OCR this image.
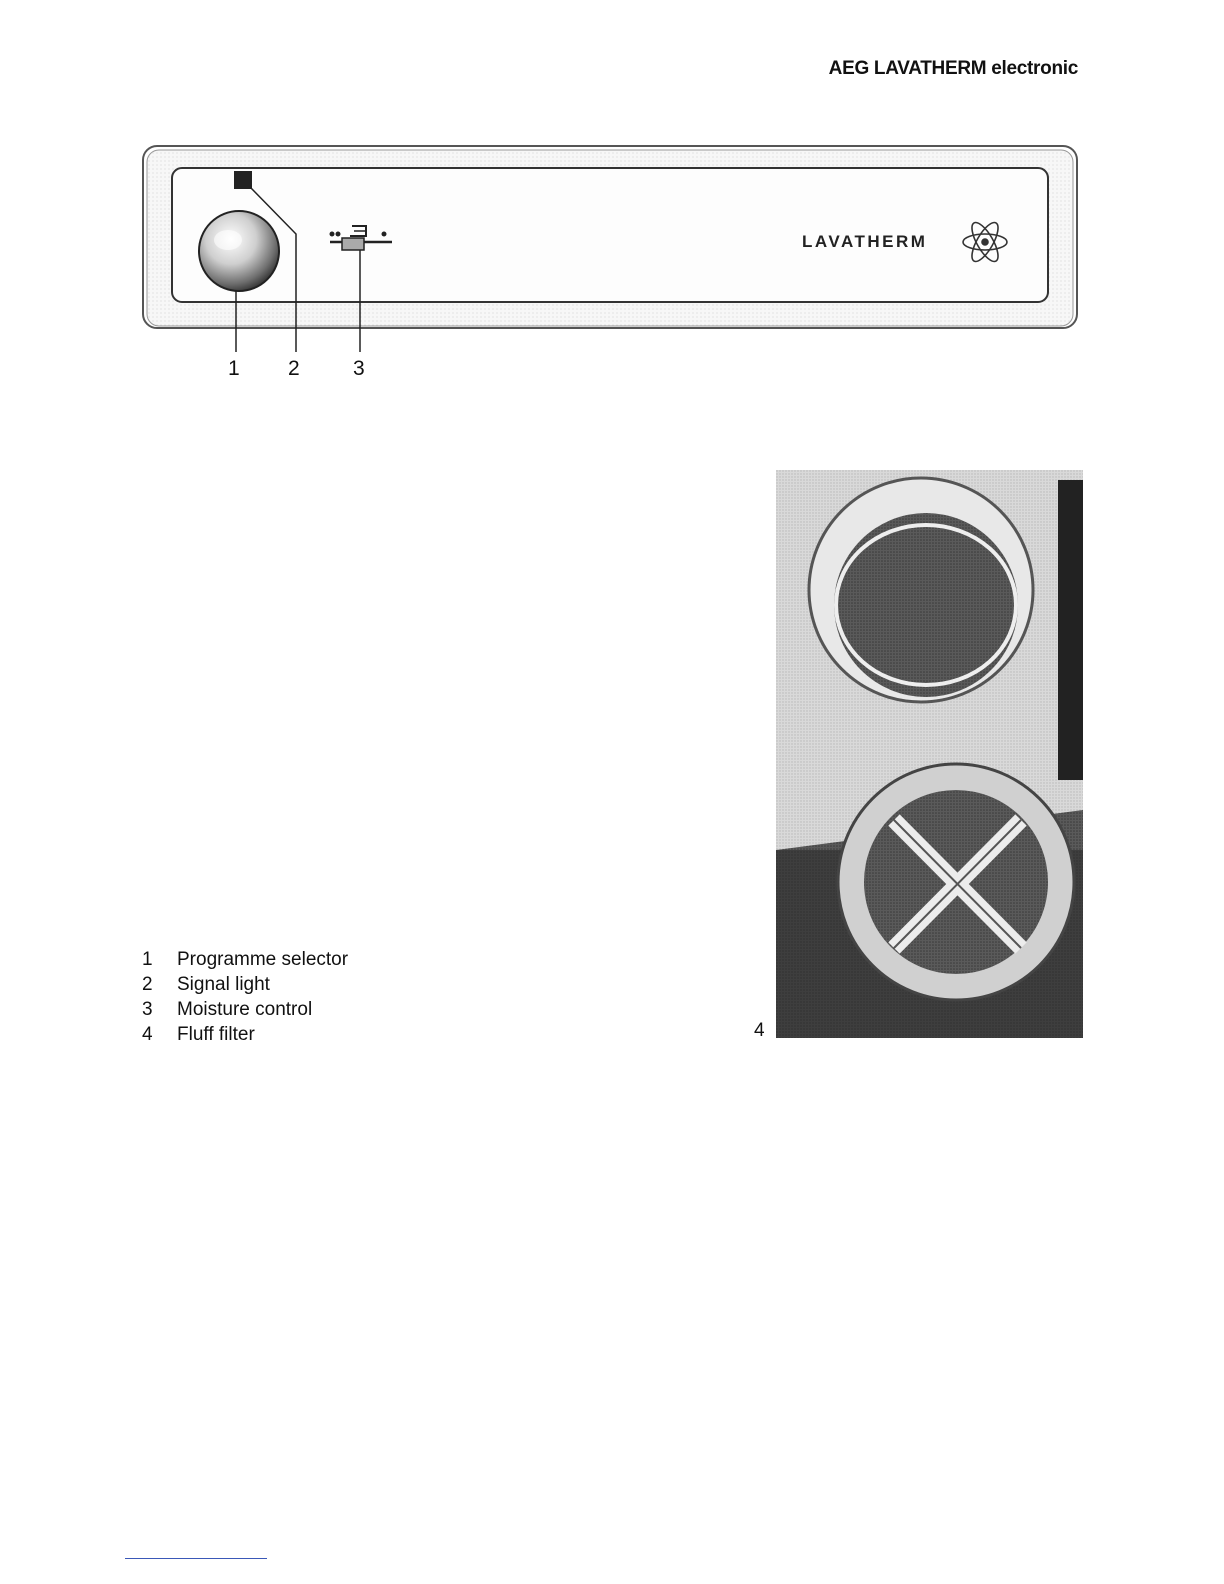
AEG LAVATHERM electronic
LAVATHERM
1 2	3
4
1	Programme selector
2	Signal light
3	Moisture control
4	Fluff filter
